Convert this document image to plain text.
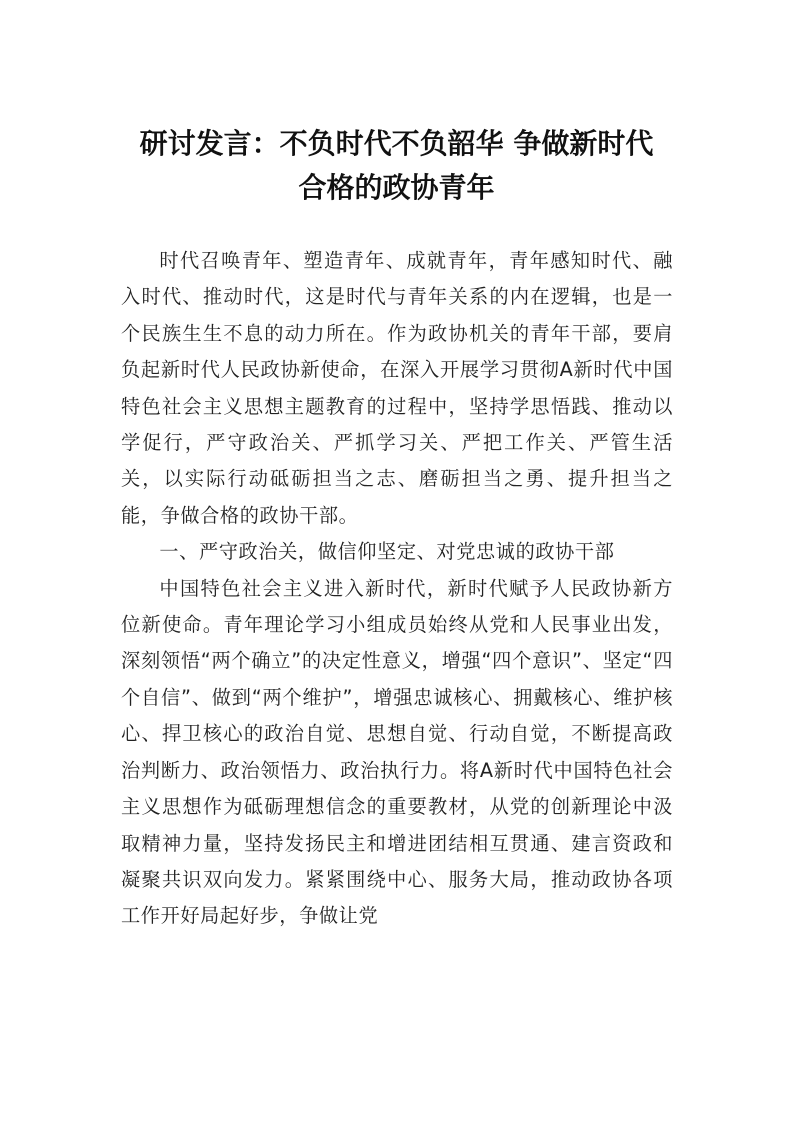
研讨发言：不负时代不负韶华 争做新时代
合格的政协青年

时代召唤青年、塑造青年、成就青年，青年感知时代、融入时代、推动时代，这是时代与青年关系的内在逻辑，也是一个民族生生不息的动力所在。作为政协机关的青年干部，要肩负起新时代人民政协新使命，在深入开展学习贯彻A新时代中国特色社会主义思想主题教育的过程中，坚持学思悟践、推动以学促行，严守政治关、严抓学习关、严把工作关、严管生活关，以实际行动砥砺担当之志、磨砺担当之勇、提升担当之能，争做合格的政协干部。

一、严守政治关，做信仰坚定、对党忠诚的政协干部

中国特色社会主义进入新时代，新时代赋予人民政协新方位新使命。青年理论学习小组成员始终从党和人民事业出发，深刻领悟“两个确立”的决定性意义，增强“四个意识”、坚定“四个自信”、做到“两个维护”，增强忠诚核心、拥戴核心、维护核心、捍卫核心的政治自觉、思想自觉、行动自觉，不断提高政治判断力、政治领悟力、政治执行力。将A新时代中国特色社会主义思想作为砥砺理想信念的重要教材，从党的创新理论中汲取精神力量，坚持发扬民主和增进团结相互贯通、建言资政和凝聚共识双向发力。紧紧围绕中心、服务大局，推动政协各项工作开好局起好步，争做让党
